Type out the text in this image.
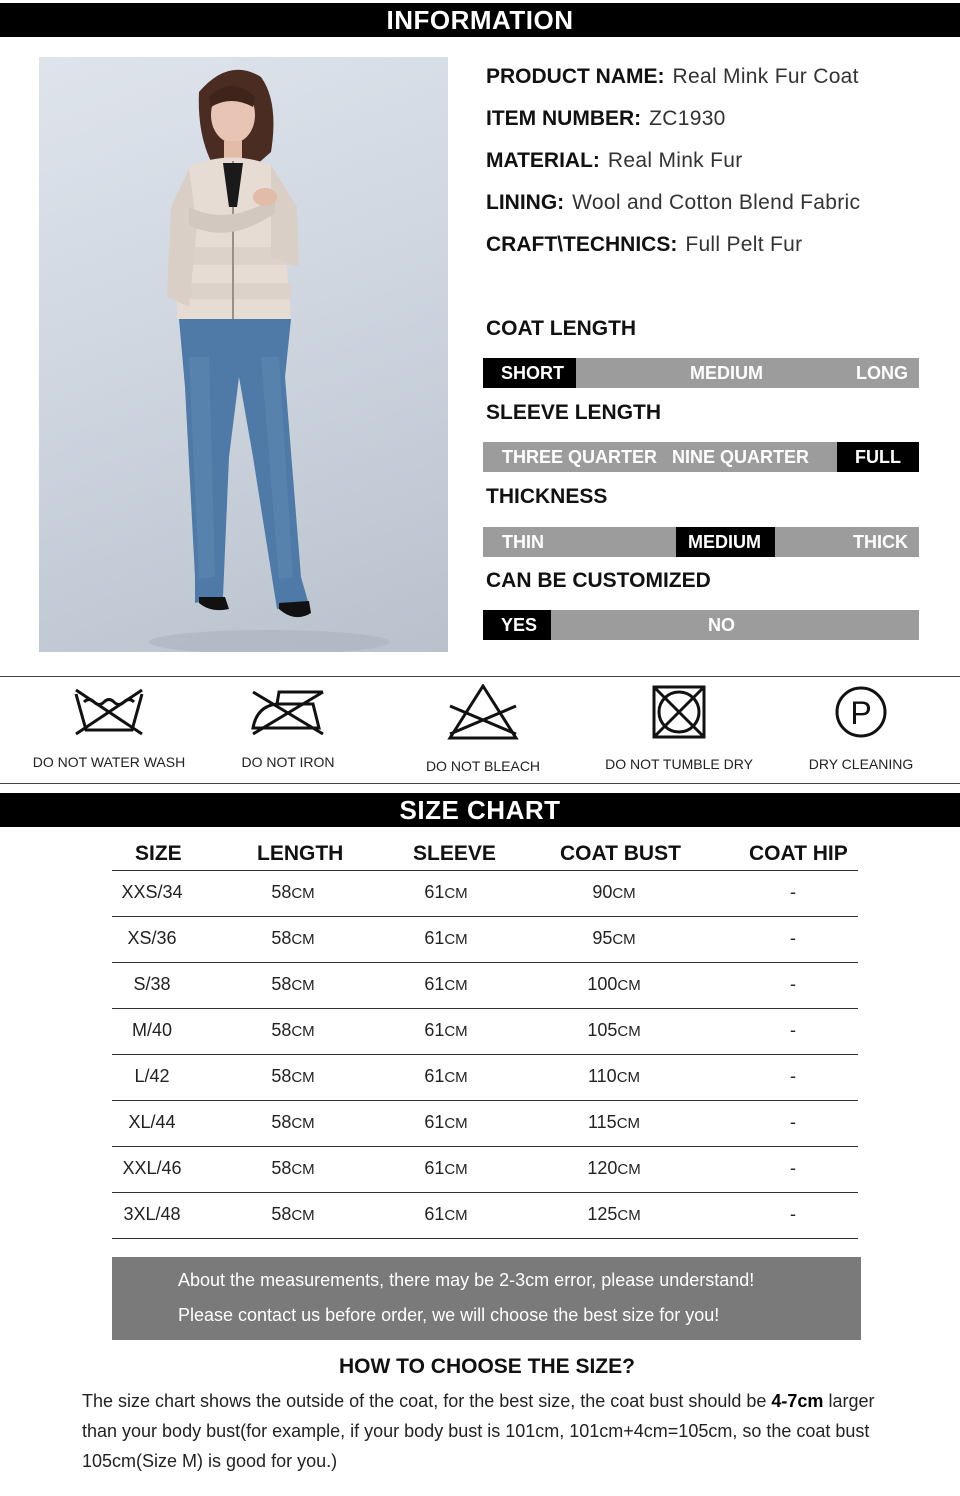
INFORMATION
PRODUCT NAME: Real Mink Fur Coat
ITEM NUMBER: ZC1930
MATERIAL: Real Mink Fur
LINING: Wool and Cotton Blend Fabric
CRAFT\TECHNICS: Full Pelt Fur
COAT LENGTH
SHORT	MEDIUM	LONG
SLEEVE LENGTH
THREE QUARTER NINE QUARTER	FULL
THICKNESS
THIN	MEDIUM	THICK
CAN BE CUSTOMIZED
YES	NO
DO NOT WATER WASH	DO NOT IRON	DO NOT BLEACH	DO NOT TUMBLE DRY
P
DRY CLEANING
SIZE CHART
SIZE	LENGTH	SLEEVE	COAT BUST	COAT HIP
XXS/34	58CM	61CM	90CM	-
XS/36	58CM	61CM	95CM	-
S/38	58CM	61CM	100CM	-
M/40	58CM	61CM	105CM	-
L/42	58CM	61CM	110CM	-
XL/44	58CM	61CM	115CM	-
XXL/46	58CM	61CM	120CM	-
3XL/48	58CM	61CM	125CM	-
About the measurements, there may be 2-3cm error, please understand!
Please contact us before order, we will choose the best size for you!
HOW TO CHOOSE THE SIZE?
The size chart shows the outside of the coat, for the best size, the coat bust should be 4-7cm larger than your body bust(for example, if your body bust is 101cm, 101cm+4cm=105cm, so the coat bust 105cm(Size M) is good for you.)
